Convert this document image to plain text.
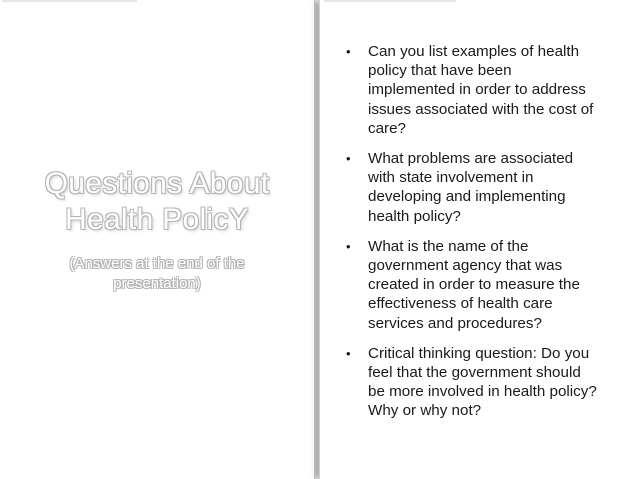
Questions About
Health PolicY
(Answers at the end of the
presentation)
• Can you list examples of health
policy that have been
implemented in order to address
issues associated with the cost of
care?
• What problems are associated
with state involvement in
developing and implementing
health policy?
• What is the name of the
government agency that was
created in order to measure the
effectiveness of health care
services and procedures?
• Critical thinking question: Do you
feel that the government should
be more involved in health policy?
Why or why not?
